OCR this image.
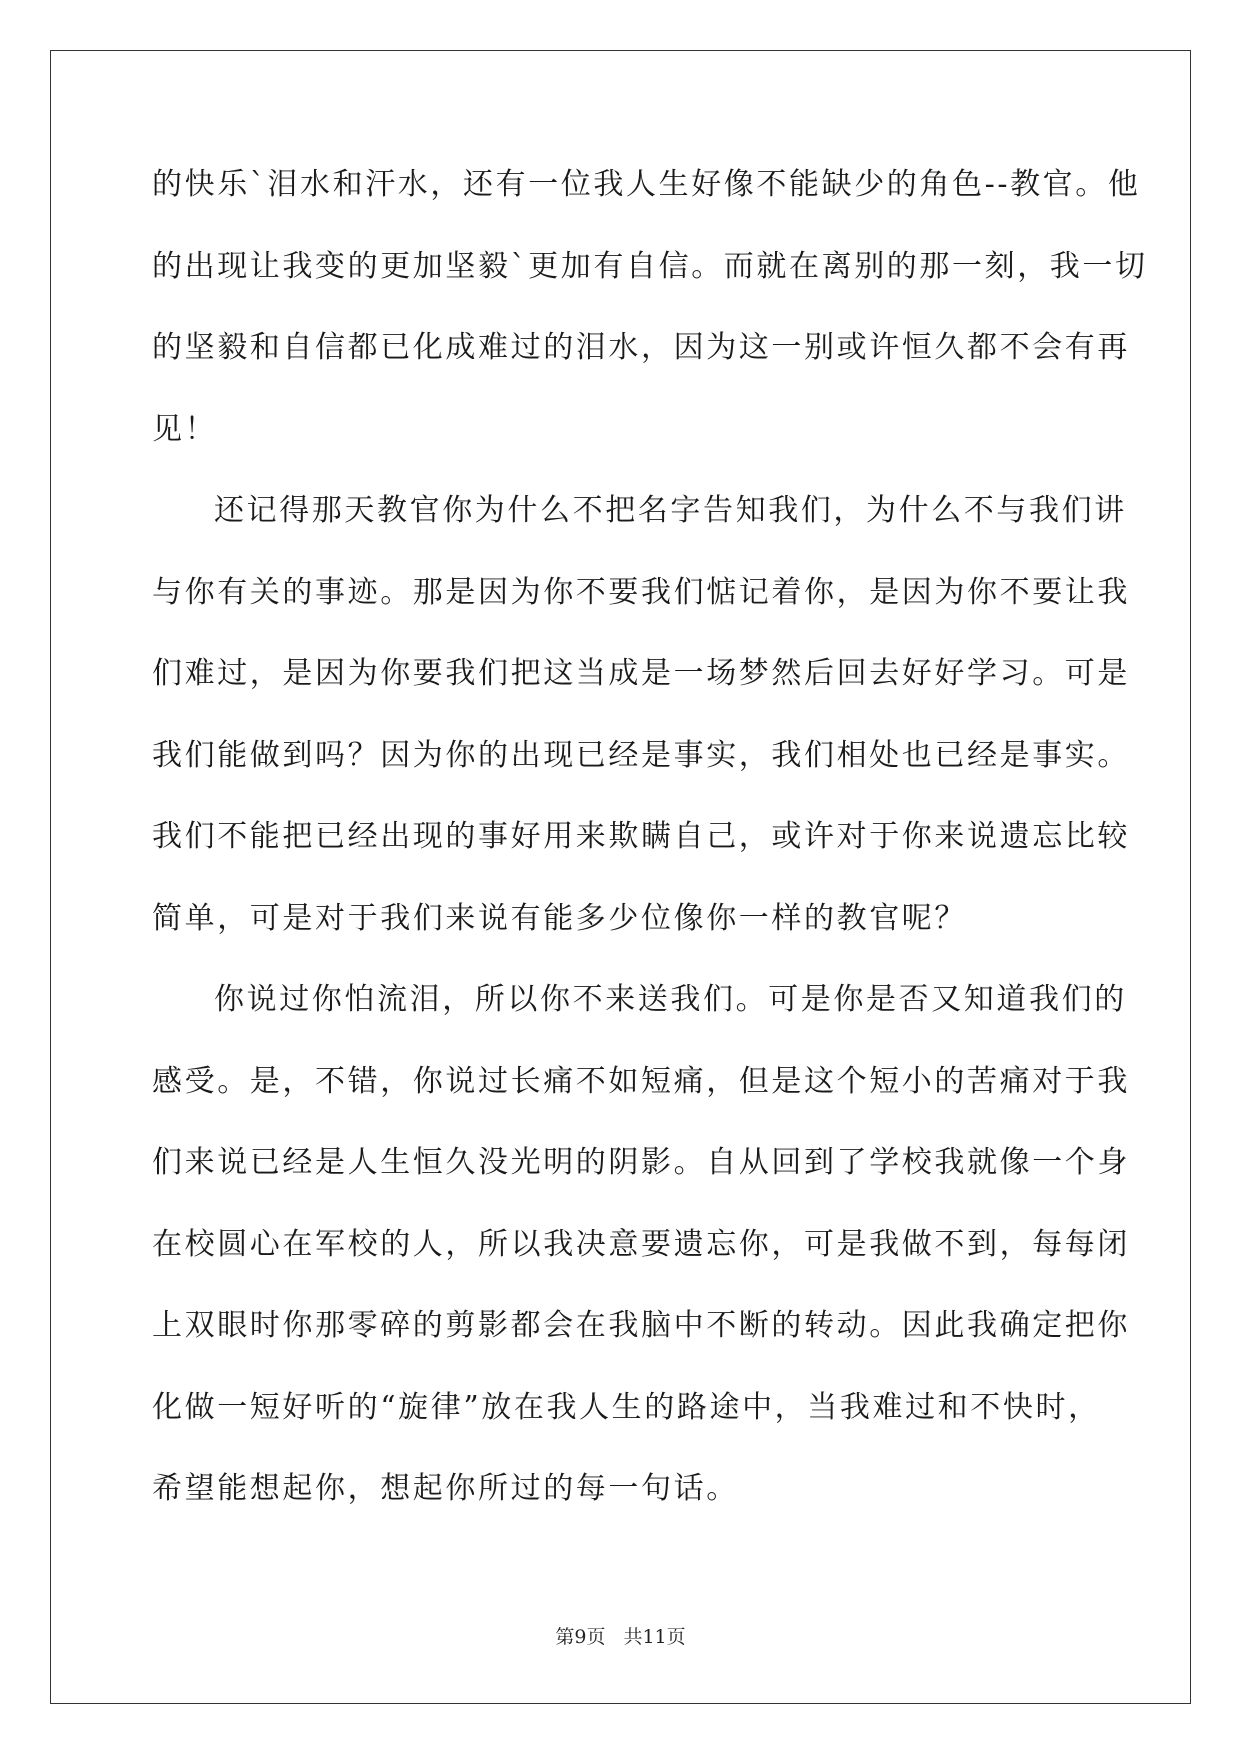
的快乐`泪水和汗水，还有一位我人生好像不能缺少的角色--教官。他
的出现让我变的更加坚毅`更加有自信。而就在离别的那一刻，我一切
的坚毅和自信都已化成难过的泪水，因为这一别或许恒久都不会有再
见！
还记得那天教官你为什么不把名字告知我们，为什么不与我们讲
与你有关的事迹。那是因为你不要我们惦记着你，是因为你不要让我
们难过，是因为你要我们把这当成是一场梦然后回去好好学习。可是
我们能做到吗？因为你的出现已经是事实，我们相处也已经是事实。
我们不能把已经出现的事好用来欺瞒自己，或许对于你来说遗忘比较
简单，可是对于我们来说有能多少位像你一样的教官呢？
你说过你怕流泪，所以你不来送我们。可是你是否又知道我们的
感受。是，不错，你说过长痛不如短痛，但是这个短小的苦痛对于我
们来说已经是人生恒久没光明的阴影。自从回到了学校我就像一个身
在校圆心在军校的人，所以我决意要遗忘你，可是我做不到，每每闭
上双眼时你那零碎的剪影都会在我脑中不断的转动。因此我确定把你
化做一短好听的“旋律”放在我人生的路途中，当我难过和不快时，
希望能想起你，想起你所过的每一句话。
第9页 共11页
